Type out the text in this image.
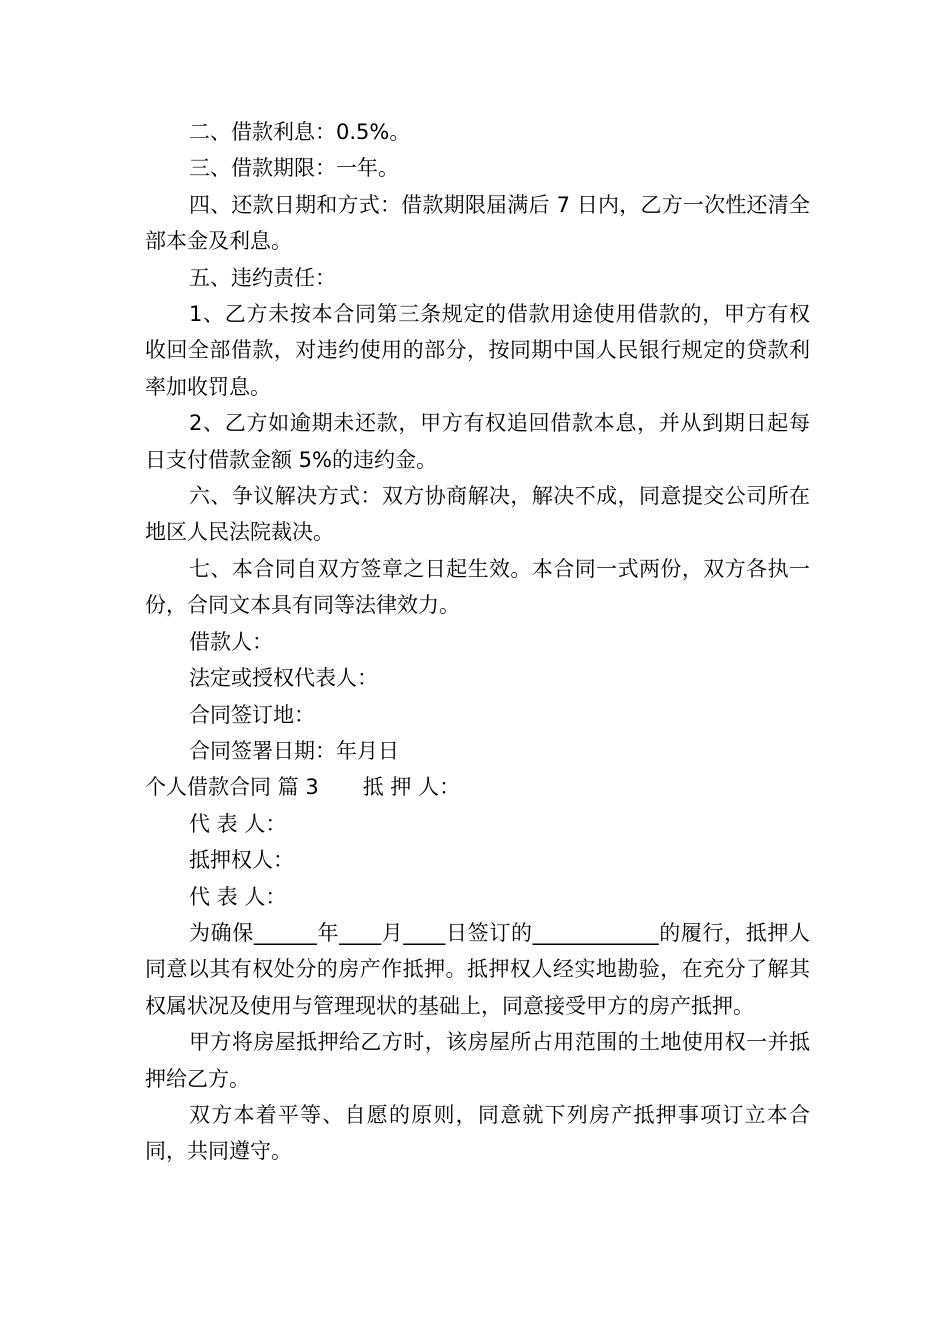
二、借款利息：0.5%。

三、借款期限：一年。

四、还款日期和方式：借款期限届满后 7 日内，乙方一次性还清全部本金及利息。

五、违约责任：

1、乙方未按本合同第三条规定的借款用途使用借款的，甲方有权收回全部借款，对违约使用的部分，按同期中国人民银行规定的贷款利率加收罚息。

2、乙方如逾期未还款，甲方有权追回借款本息，并从到期日起每日支付借款金额 5%的违约金。

六、争议解决方式：双方协商解决，解决不成，同意提交公司所在地区人民法院裁决。

七、本合同自双方签章之日起生效。本合同一式两份，双方各执一份，合同文本具有同等法律效力。

借款人：

法定或授权代表人：

合同签订地：

合同签署日期：年月日

个人借款合同 篇 3 抵 押 人：

代 表 人：

抵押权人：

代 表 人：

为确保______年____月____日签订的____________的履行，抵押人同意以其有权处分的房产作抵押。抵押权人经实地勘验，在充分了解其权属状况及使用与管理现状的基础上，同意接受甲方的房产抵押。

甲方将房屋抵押给乙方时，该房屋所占用范围的土地使用权一并抵押给乙方。

双方本着平等、自愿的原则，同意就下列房产抵押事项订立本合同，共同遵守。
